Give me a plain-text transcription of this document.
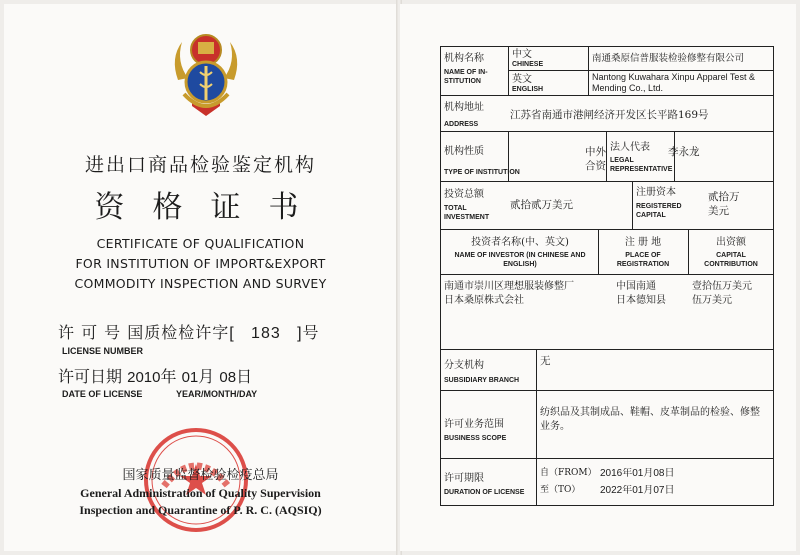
进出口商品检验鉴定机构
资格证书
CERTIFICATE OF QUALIFICATION
FOR INSTITUTION OF IMPORT&EXPORT
COMMODITY INSPECTION AND SURVEY
许 可 号 国质检检许字[   183   ]号
LICENSE NUMBER
许可日期 2010年 01月 08日
DATE OF LICENSE	YEAR/MONTH/DAY
国家质量监督检验检疫总局
General Administration of Quality Supervision
Inspection and Quarantine of P. R. C. (AQSIQ)
机构名称
NAME OF IN-STITUTION
中文
CHINESE
南通桑原信普服装检验修整有限公司
英文
ENGLISH
Nantong Kuwahara Xinpu Apparel Test & Mending Co., Ltd.
机构地址
ADDRESS
江苏省南通市港闸经济开发区长平路169号
机构性质
TYPE OF INSTITUTION
中外合资
法人代表
LEGAL REPRESENTATIVE
李永龙
投资总额
TOTAL INVESTMENT
贰拾贰万美元
注册资本
REGISTERED CAPITAL
贰拾万美元
投资者名称(中、英文)
NAME OF INVESTOR (IN CHINESE AND ENGLISH)
注 册 地
PLACE OF REGISTRATION
出资额
CAPITAL CONTRIBUTION
南通市崇川区理想服装修整厂
日本桑原株式会社
中国南通
日本德知县
壹拾伍万美元
伍万美元
分支机构
SUBSIDIARY BRANCH
无
许可业务范围
BUSINESS SCOPE
纺织品及其制成品、鞋帽、皮革制品的检验、修整业务。
许可期限
DURATION OF LICENSE
自（FROM） 2016年01月08日
至（TO）	2022年01月07日
